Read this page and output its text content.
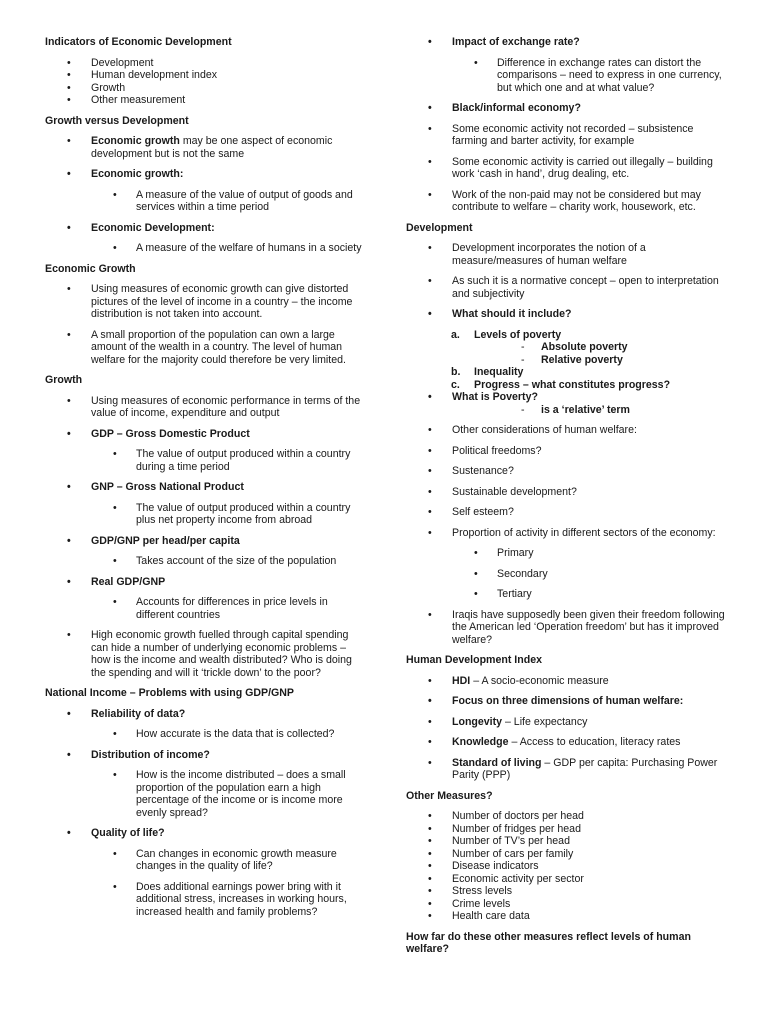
Indicators of Economic Development
• Development
• Human development index
• Growth
• Other measurement
Growth versus Development
• Economic growth may be one aspect of economic development but is not the same
• Economic growth:
• A measure of the value of output of goods and services within a time period
• Economic Development:
• A measure of the welfare of humans in a society
Economic Growth
• Using measures of economic growth can give distorted pictures of the level of income in a country – the income distribution is not taken into account.
• A small proportion of the population can own a large amount of the wealth in a country. The level of human welfare for the majority could therefore be very limited.
Growth
• Using measures of economic performance in terms of the value of income, expenditure and output
• GDP – Gross Domestic Product
• The value of output produced within a country during a time period
• GNP – Gross National Product
• The value of output produced within a country plus net property income from abroad
• GDP/GNP per head/per capita
• Takes account of the size of the population
• Real GDP/GNP
• Accounts for differences in price levels in different countries
• High economic growth fuelled through capital spending can hide a number of underlying economic problems – how is the income and wealth distributed? Who is doing the spending and will it ‘trickle down’ to the poor?
National Income – Problems with using GDP/GNP
• Reliability of data?
• How accurate is the data that is collected?
• Distribution of income?
• How is the income distributed – does a small proportion of the population earn a high percentage of the income or is income more evenly spread?
• Quality of life?
• Can changes in economic growth measure changes in the quality of life?
• Does additional earnings power bring with it additional stress, increases in working hours, increased health and family problems?
• Impact of exchange rate?
• Difference in exchange rates can distort the comparisons – need to express in one currency, but which one and at what value?
• Black/informal economy?
• Some economic activity not recorded – subsistence farming and barter activity, for example
• Some economic activity is carried out illegally – building work ‘cash in hand’, drug dealing, etc.
• Work of the non-paid may not be considered but may contribute to welfare – charity work, housework, etc.
Development
• Development incorporates the notion of a measure/measures of human welfare
• As such it is a normative concept – open to interpretation and subjectivity
• What should it include?
a. Levels of poverty
- Absolute poverty
- Relative poverty
b. Inequality
c. Progress – what constitutes progress?
• What is Poverty?
- is a ‘relative’ term
• Other considerations of human welfare:
• Political freedoms?
• Sustenance?
• Sustainable development?
• Self esteem?
• Proportion of activity in different sectors of the economy:
• Primary
• Secondary
• Tertiary
• Iraqis have supposedly been given their freedom following the American led ‘Operation freedom’ but has it improved welfare?
Human Development Index
• HDI – A socio-economic measure
• Focus on three dimensions of human welfare:
• Longevity – Life expectancy
• Knowledge – Access to education, literacy rates
• Standard of living – GDP per capita: Purchasing Power Parity (PPP)
Other Measures?
• Number of doctors per head
• Number of fridges per head
• Number of TV’s per head
• Number of cars per family
• Disease indicators
• Economic activity per sector
• Stress levels
• Crime levels
• Health care data
How far do these other measures reflect levels of human welfare?
